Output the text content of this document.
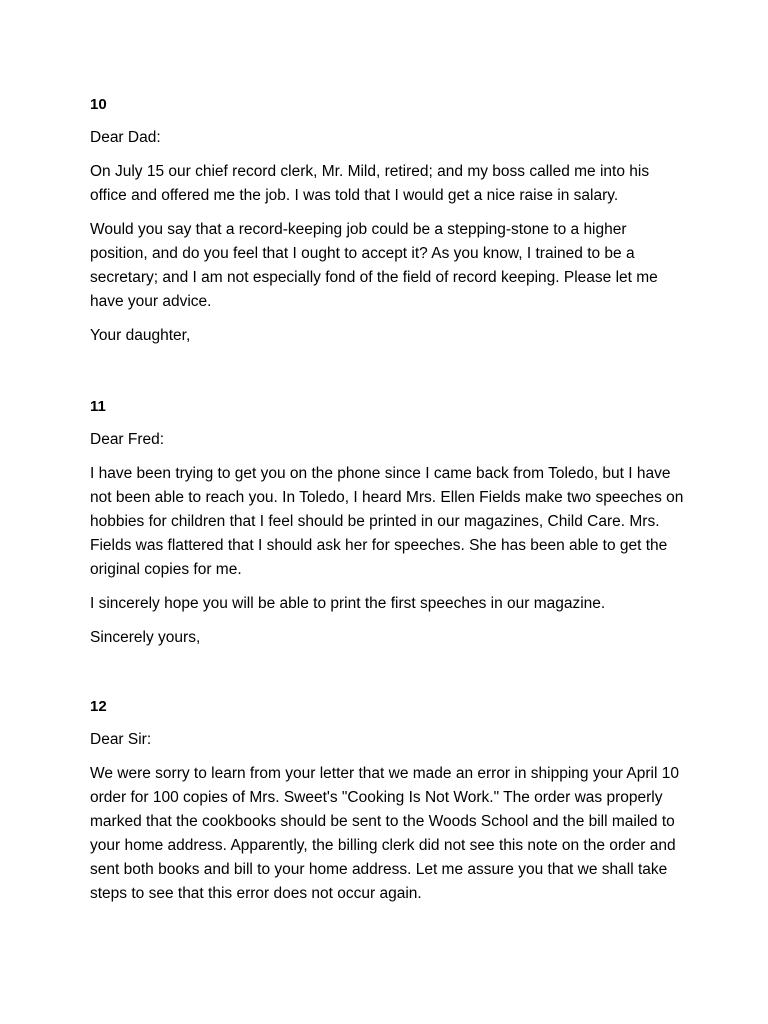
10

Dear Dad:

On July 15 our chief record clerk, Mr. Mild, retired; and my boss called me into his office and offered me the job. I was told that I would get a nice raise in salary.

Would you say that a record-keeping job could be a stepping-stone to a higher position, and do you feel that I ought to accept it? As you know, I trained to be a secretary; and I am not especially fond of the field of record keeping. Please let me have your advice.

Your daughter,

11

Dear Fred:

I have been trying to get you on the phone since I came back from Toledo, but I have not been able to reach you. In Toledo, I heard Mrs. Ellen Fields make two speeches on hobbies for children that I feel should be printed in our magazines, Child Care. Mrs. Fields was flattered that I should ask her for speeches. She has been able to get the original copies for me.

I sincerely hope you will be able to print the first speeches in our magazine.

Sincerely yours,

12

Dear Sir:

We were sorry to learn from your letter that we made an error in shipping your April 10 order for 100 copies of Mrs. Sweet's "Cooking Is Not Work." The order was properly marked that the cookbooks should be sent to the Woods School and the bill mailed to your home address. Apparently, the billing clerk did not see this note on the order and sent both books and bill to your home address. Let me assure you that we shall take steps to see that this error does not occur again.
